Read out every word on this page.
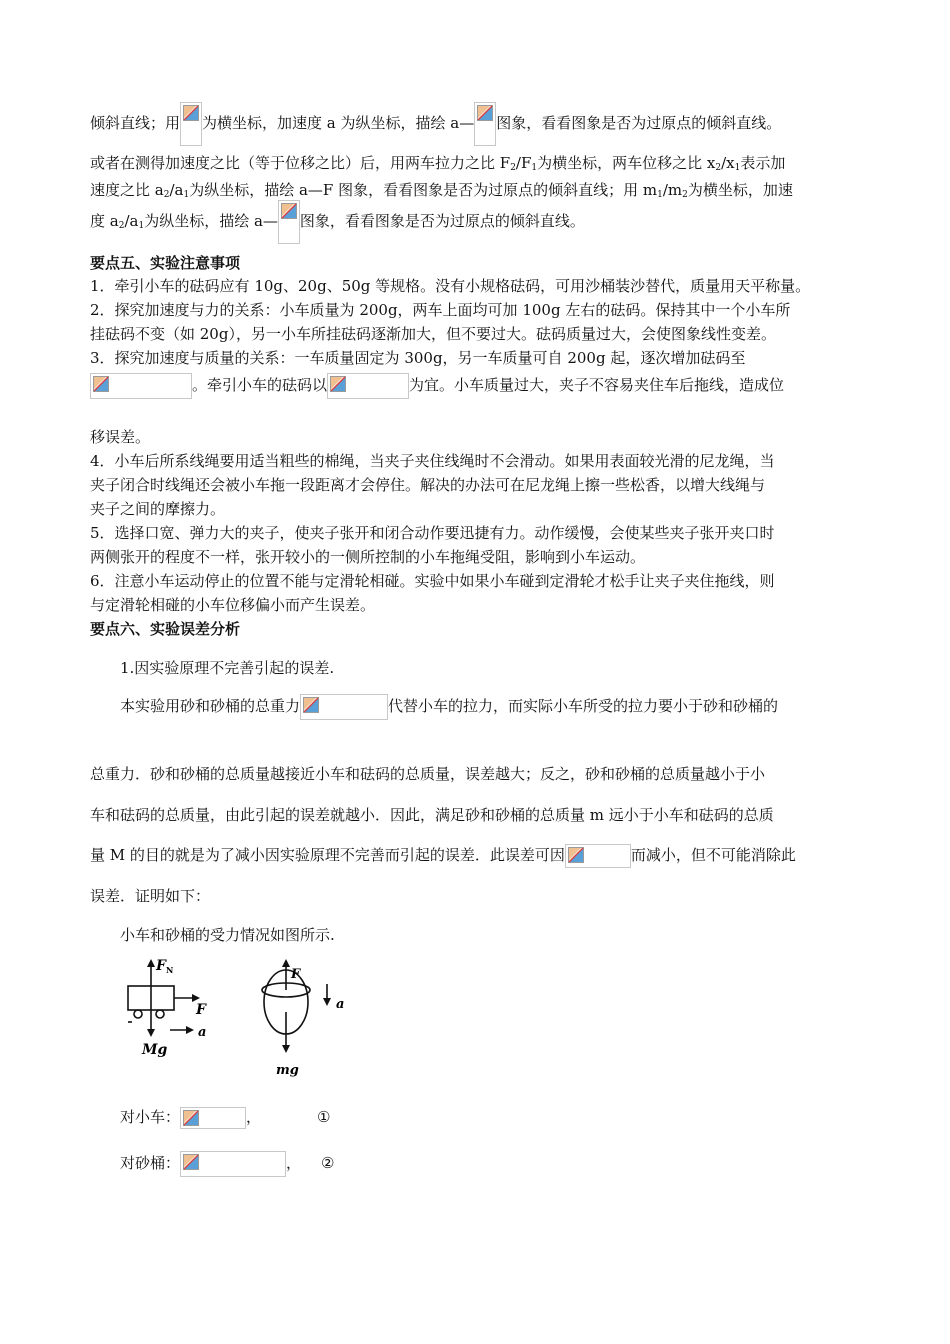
倾斜直线；用 为横坐标，加速度 a 为纵坐标，描绘 a— 图象，看看图象是否为过原点的倾斜直线。
或者在测得加速度之比（等于位移之比）后，用两车拉力之比 $F_2/F_1$为横坐标，两车位移之比 $x_2/x_1$表示加
速度之比 $a_2/a_1$为纵坐标，描绘 a—F 图象，看看图象是否为过原点的倾斜直线；用 $m_1/m_2$为横坐标，加速
度 $a_2/a_1$为纵坐标，描绘 a— 图象，看看图象是否为过原点的倾斜直线。
要点五、实验注意事项
1．牵引小车的砝码应有 10g、20g、50g 等规格。没有小规格砝码，可用沙桶装沙替代，质量用天平称量。
2．探究加速度与力的关系：小车质量为 200g，两车上面均可加 100g 左右的砝码。保持其中一个小车所
挂砝码不变（如 20g），另一小车所挂砝码逐渐加大，但不要过大。砝码质量过大，会使图象线性变差。
3．探究加速度与质量的关系：一车质量固定为 300g，另一车质量可自 200g 起，逐次增加砝码至
。牵引小车的砝码以	为宜。小车质量过大，夹子不容易夹住车后拖线，造成位
移误差。
4．小车后所系线绳要用适当粗些的棉绳，当夹子夹住线绳时不会滑动。如果用表面较光滑的尼龙绳，当
夹子闭合时线绳还会被小车拖一段距离才会停住。解决的办法可在尼龙绳上擦一些松香，以增大线绳与
夹子之间的摩擦力。
5．选择口宽、弹力大的夹子，使夹子张开和闭合动作要迅捷有力。动作缓慢，会使某些夹子张开夹口时
两侧张开的程度不一样，张开较小的一侧所控制的小车拖绳受阻，影响到小车运动。
6．注意小车运动停止的位置不能与定滑轮相碰。实验中如果小车碰到定滑轮才松手让夹子夹住拖线，则
与定滑轮相碰的小车位移偏小而产生误差。
要点六、实验误差分析
1.因实验原理不完善引起的误差.
本实验用砂和砂桶的总重力	代替小车的拉力，而实际小车所受的拉力要小于砂和砂桶的
总重力．砂和砂桶的总质量越接近小车和砝码的总质量，误差越大；反之，砂和砂桶的总质量越小于小
车和砝码的总质量，由此引起的误差就越小．因此，满足砂和砂桶的总质量 m 远小于小车和砝码的总质
量 M 的目的就是为了减小因实验原理不完善而引起的误差．此误差可因	而减小，但不可能消除此
误差．证明如下：
小车和砂桶的受力情况如图所示.
对小车：	，	①
对砂桶：	， ②
F N
F
a
Mg
F
a
mg
